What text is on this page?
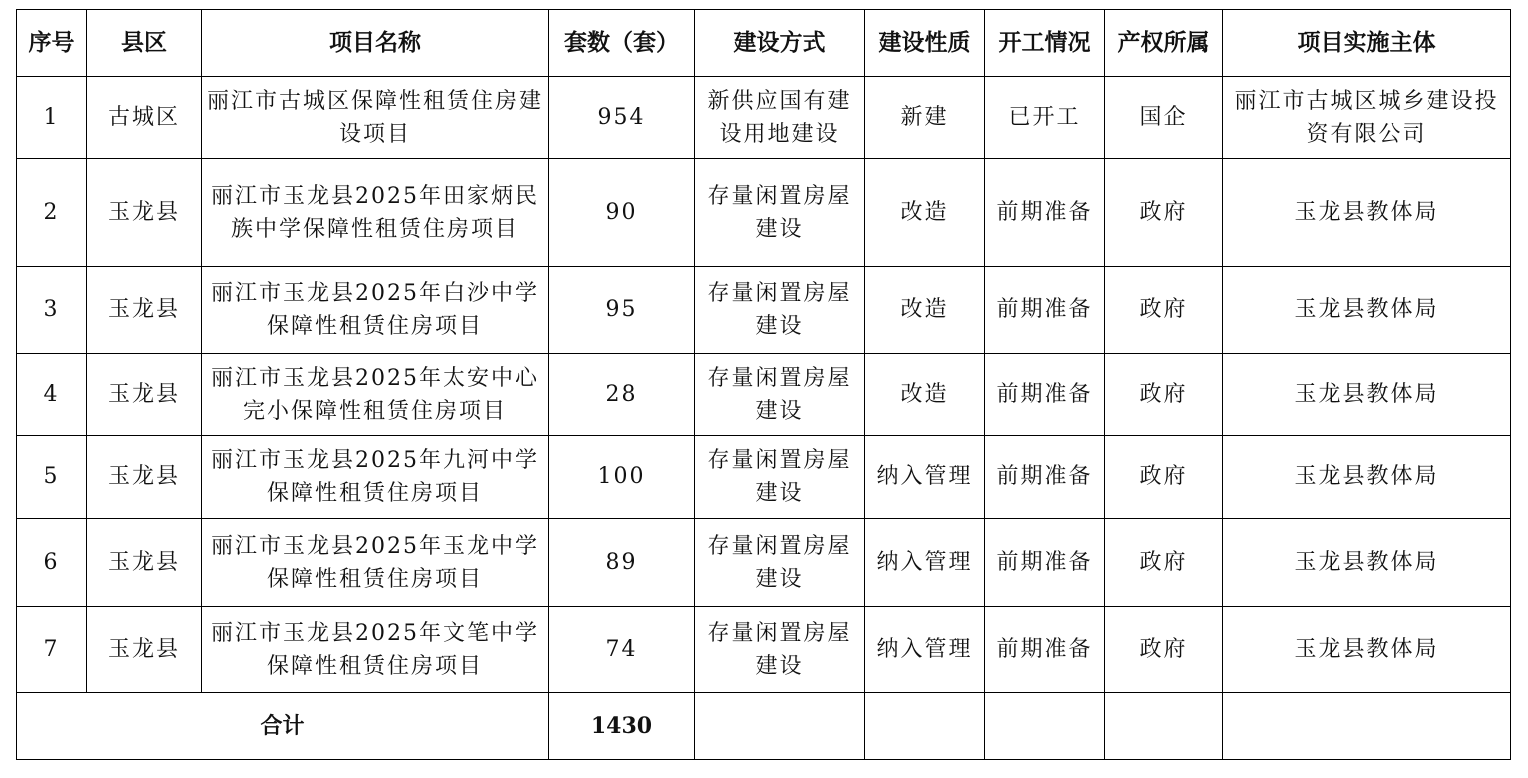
序号	县区	项目名称	套数（套）	建设方式	建设性质	开工情况	产权所属	项目实施主体
1	古城区	丽江市古城区保障性租赁住房建设项目	954	新供应国有建设用地建设	新建	已开工	国企	丽江市古城区城乡建设投资有限公司
2	玉龙县	丽江市玉龙县2025年田家炳民族中学保障性租赁住房项目	90	存量闲置房屋建设	改造	前期准备	政府	玉龙县教体局
3	玉龙县	丽江市玉龙县2025年白沙中学保障性租赁住房项目	95	存量闲置房屋建设	改造	前期准备	政府	玉龙县教体局
4	玉龙县	丽江市玉龙县2025年太安中心完小保障性租赁住房项目	28	存量闲置房屋建设	改造	前期准备	政府	玉龙县教体局
5	玉龙县	丽江市玉龙县2025年九河中学保障性租赁住房项目	100	存量闲置房屋建设	纳入管理	前期准备	政府	玉龙县教体局
6	玉龙县	丽江市玉龙县2025年玉龙中学保障性租赁住房项目	89	存量闲置房屋建设	纳入管理	前期准备	政府	玉龙县教体局
7	玉龙县	丽江市玉龙县2025年文笔中学保障性租赁住房项目	74	存量闲置房屋建设	纳入管理	前期准备	政府	玉龙县教体局
合计			1430					
